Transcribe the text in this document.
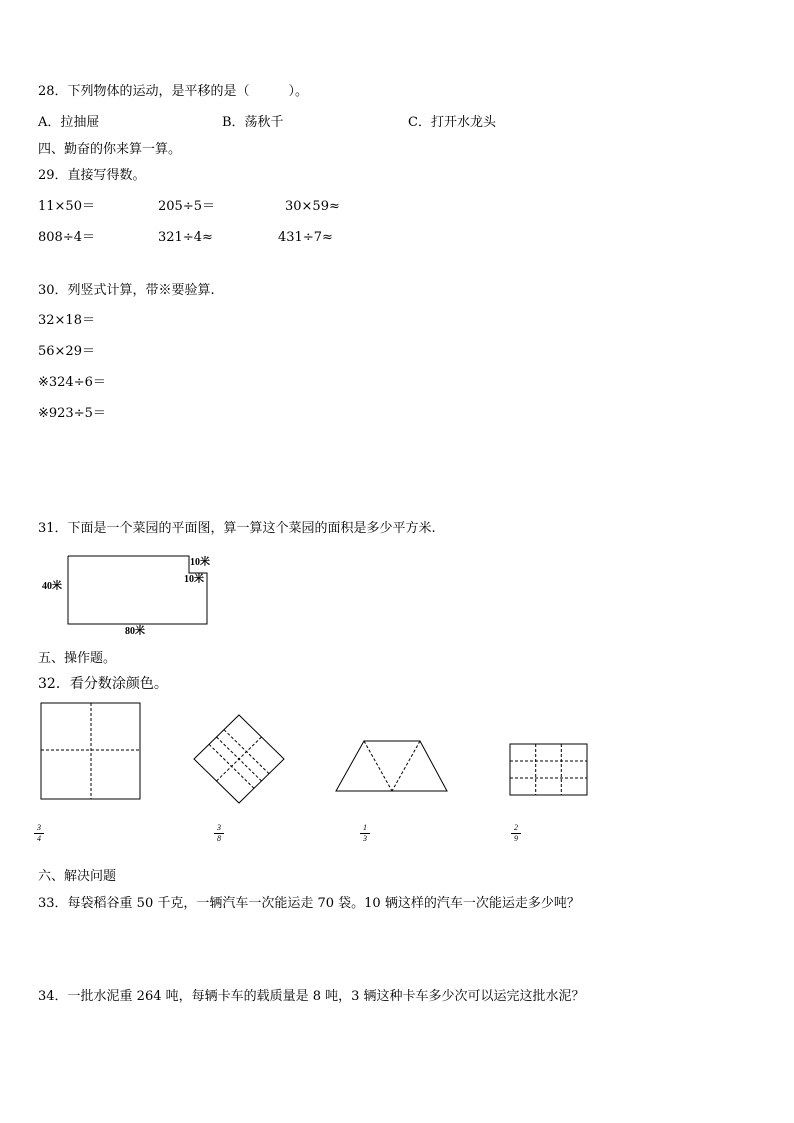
28．下列物体的运动，是平移的是（　　　）。
A．拉抽屉	B．荡秋千	C．打开水龙头
四、勤奋的你来算一算。
29．直接写得数。
11×50＝	205÷5＝	30×59≈
808÷4＝	321÷4≈	431÷7≈
30．列竖式计算，带※要验算.
32×18＝
56×29＝
※324÷6＝
※923÷5＝
31．下面是一个菜园的平面图，算一算这个菜园的面积是多少平方米.
40米
80米
10米
10米
五、操作题。
32．看分数涂颜色。
3
4
3
8
1
3
2
9
六、解决问题
33．每袋稻谷重 50 千克，一辆汽车一次能运走 70 袋。10 辆这样的汽车一次能运走多少吨？
34．一批水泥重 264 吨，每辆卡车的载质量是 8 吨，3 辆这种卡车多少次可以运完这批水泥？
